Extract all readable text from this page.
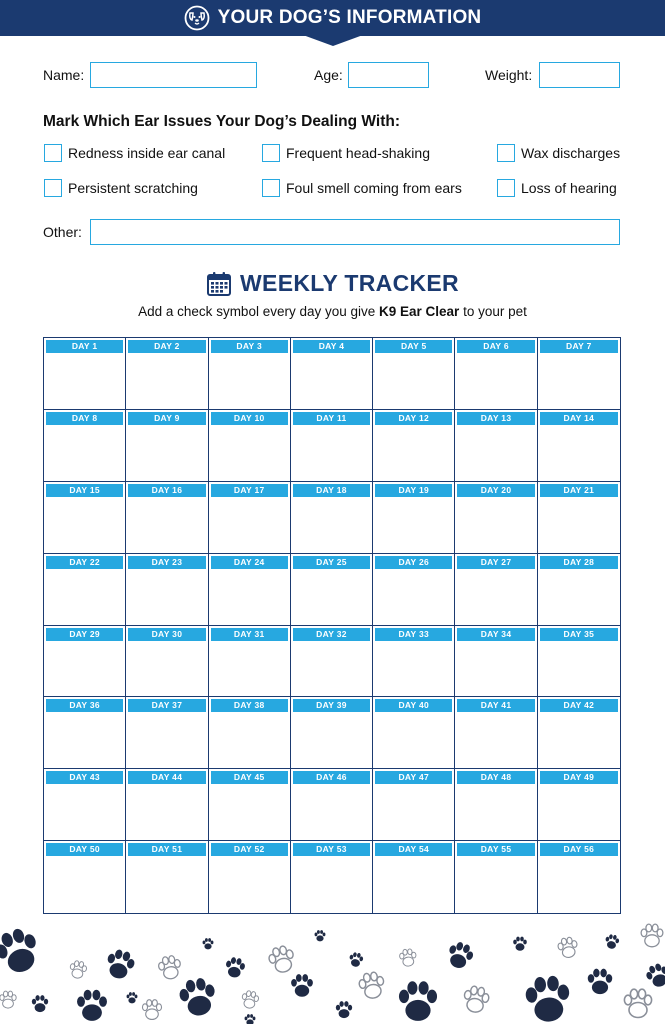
YOUR DOG’S INFORMATION
Name:	Age:	Weight:
Mark Which Ear Issues Your Dog’s Dealing With:
Redness inside ear canal	Frequent head-shaking	Wax discharges
Persistent scratching	Foul smell coming from ears	Loss of hearing
Other:
WEEKLY TRACKER
Add a check symbol every day you give K9 Ear Clear to your pet
DAY 1	DAY 2	DAY 3	DAY 4	DAY 5	DAY 6	DAY 7
DAY 8	DAY 9	DAY 10	DAY 11	DAY 12	DAY 13	DAY 14
DAY 15	DAY 16	DAY 17	DAY 18	DAY 19	DAY 20	DAY 21
DAY 22	DAY 23	DAY 24	DAY 25	DAY 26	DAY 27	DAY 28
DAY 29	DAY 30	DAY 31	DAY 32	DAY 33	DAY 34	DAY 35
DAY 36	DAY 37	DAY 38	DAY 39	DAY 40	DAY 41	DAY 42
DAY 43	DAY 44	DAY 45	DAY 46	DAY 47	DAY 48	DAY 49
DAY 50	DAY 51	DAY 52	DAY 53	DAY 54	DAY 55	DAY 56
